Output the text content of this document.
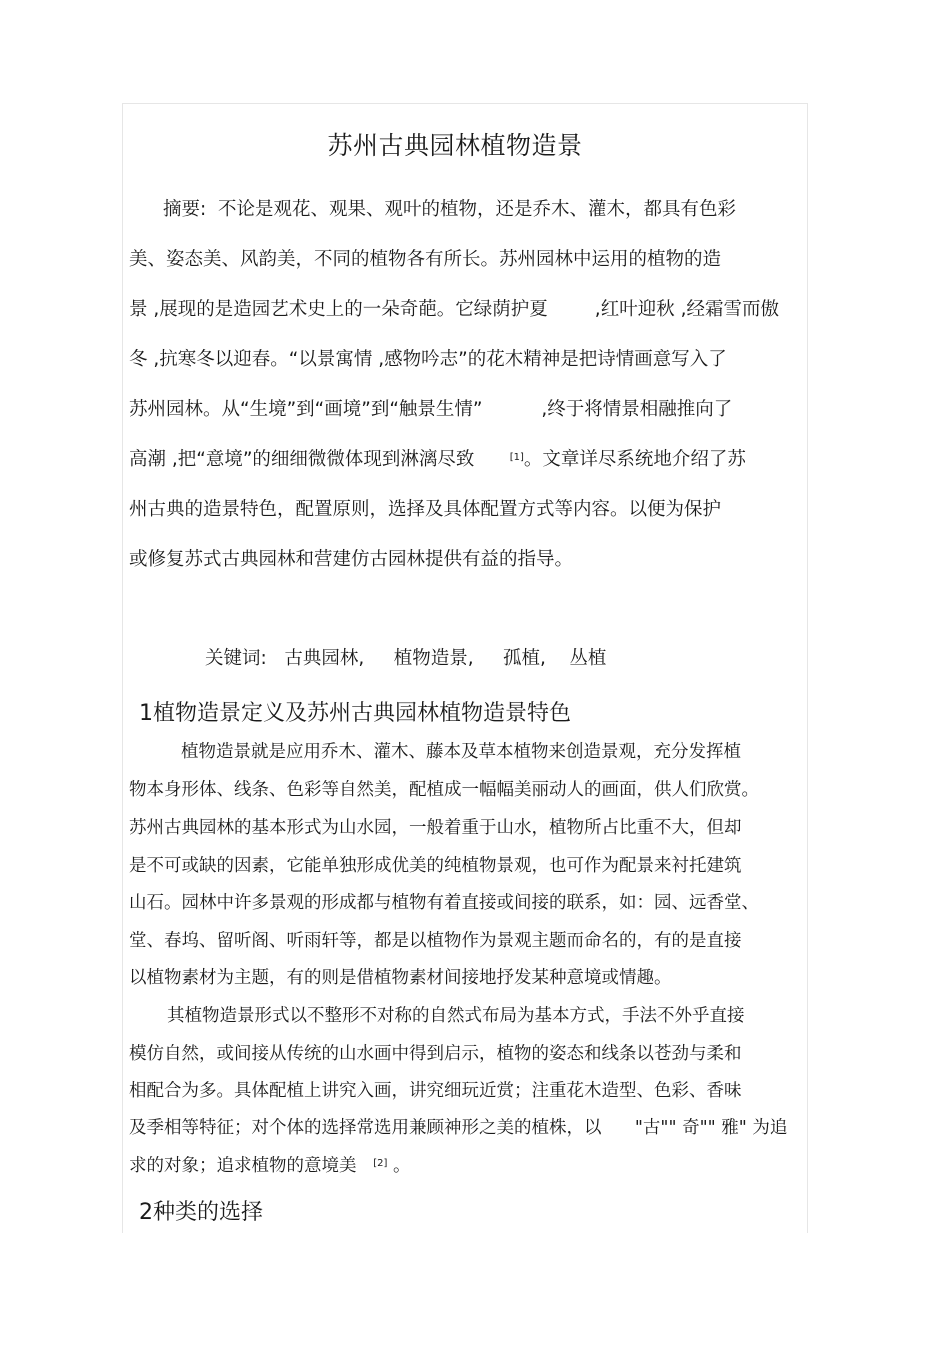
苏州古典园林植物造景
摘要: 不论是观花、观果、观叶的植物，还是乔木、灌木，都具有色彩
美、姿态美、风韵美，不同的植物各有所长。苏州园林中运用的植物的造
景 ,展现的是造园艺术史上的一朵奇葩。它绿荫护夏        ,红叶迎秋 ,经霜雪而傲
冬 ,抗寒冬以迎春。“以景寓情 ,感物吟志”的花木精神是把诗情画意写入了
苏州园林。从“生境”到“画境”到“触景生情”          ,终于将情景相融推向了
高潮 ,把“意境”的细细微微体现到淋漓尽致	[1]。文章详尽系统地介绍了苏
州古典的造景特色，配置原则，选择及具体配置方式等内容。以便为保护
或修复苏式古典园林和营建仿古园林提供有益的指导。
关键词: 古典园林, 植物造景, 孤植, 丛植
1植物造景定义及苏州古典园林植物造景特色
植物造景就是应用乔木、灌木、藤本及草本植物来创造景观，充分发挥植
物本身形体、线条、色彩等自然美，配植成一幅幅美丽动人的画面，供人们欣赏。
苏州古典园林的基本形式为山水园，一般着重于山水，植物所占比重不大，但却
是不可或缺的因素，它能单独形成优美的纯植物景观，也可作为配景来衬托建筑
山石。园林中许多景观的形成都与植物有着直接或间接的联系，如：园、远香堂、
堂、春坞、留听阁、听雨轩等，都是以植物作为景观主题而命名的，有的是直接
以植物素材为主题，有的则是借植物素材间接地抒发某种意境或情趣。
其植物造景形式以不整形不对称的自然式布局为基本方式，手法不外乎直接
模仿自然，或间接从传统的山水画中得到启示，植物的姿态和线条以苍劲与柔和
相配合为多。具体配植上讲究入画，讲究细玩近赏；注重花木造型、色彩、香味
及季相等特征；对个体的选择常选用兼顾神形之美的植株，以      "古"" 奇"" 雅" 为追
求的对象；追求植物的意境美 [2] 。
2种类的选择
